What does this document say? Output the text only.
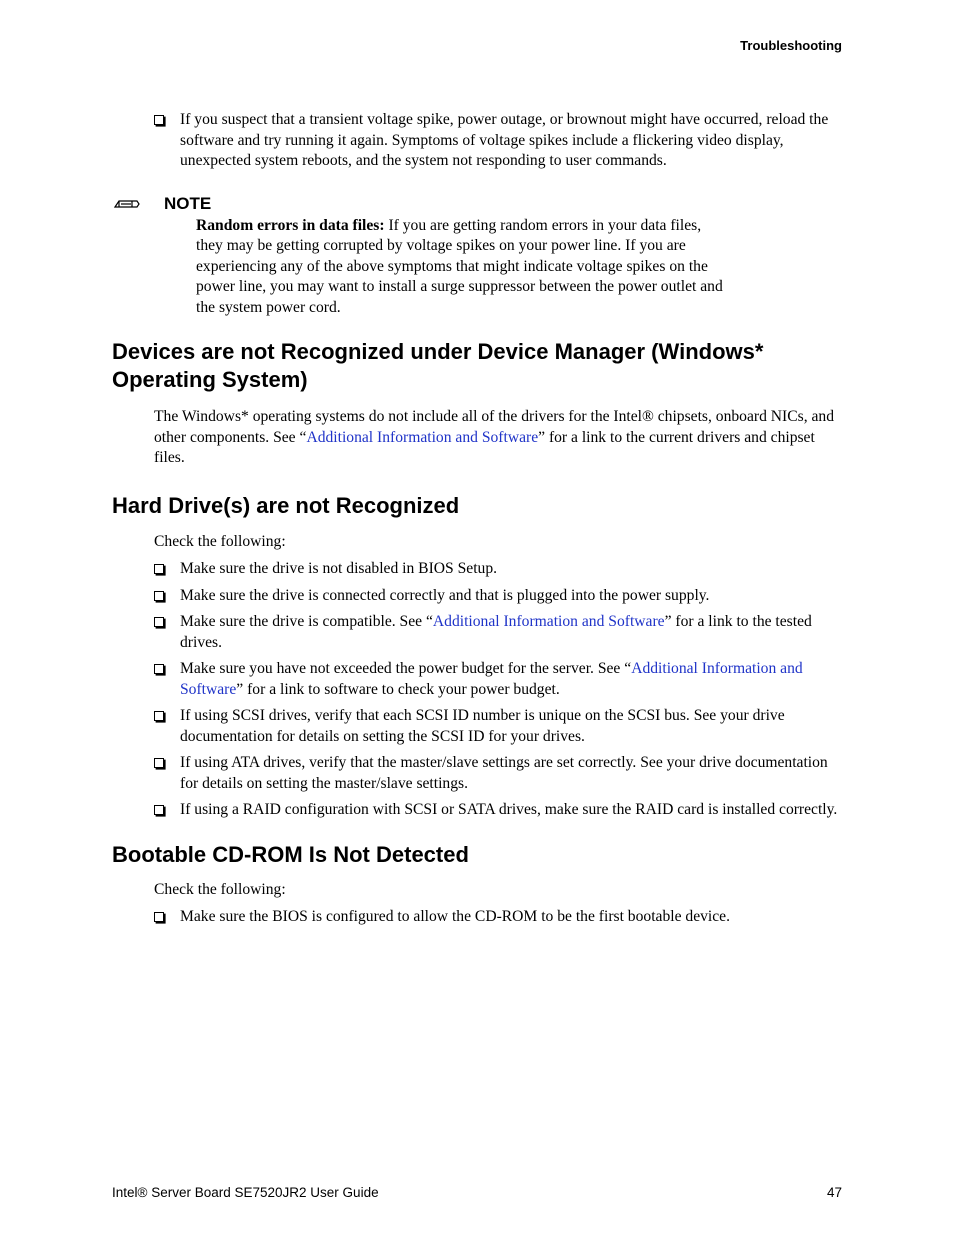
Troubleshooting
If you suspect that a transient voltage spike, power outage, or brownout might have occurred, reload the software and try running it again. Symptoms of voltage spikes include a flickering video display, unexpected system reboots, and the system not responding to user commands.
NOTE
Random errors in data files: If you are getting random errors in your data files, they may be getting corrupted by voltage spikes on your power line. If you are experiencing any of the above symptoms that might indicate voltage spikes on the power line, you may want to install a surge suppressor between the power outlet and the system power cord.
Devices are not Recognized under Device Manager (Windows* Operating System)
The Windows* operating systems do not include all of the drivers for the Intel® chipsets, onboard NICs, and other components. See “Additional Information and Software” for a link to the current drivers and chipset files.
Hard Drive(s) are not Recognized
Check the following:
Make sure the drive is not disabled in BIOS Setup.
Make sure the drive is connected correctly and that is plugged into the power supply.
Make sure the drive is compatible. See “Additional Information and Software” for a link to the tested drives.
Make sure you have not exceeded the power budget for the server. See “Additional Information and Software” for a link to software to check your power budget.
If using SCSI drives, verify that each SCSI ID number is unique on the SCSI bus. See your drive documentation for details on setting the SCSI ID for your drives.
If using ATA drives, verify that the master/slave settings are set correctly. See your drive documentation for details on setting the master/slave settings.
If using a RAID configuration with SCSI or SATA drives, make sure the RAID card is installed correctly.
Bootable CD-ROM Is Not Detected
Check the following:
Make sure the BIOS is configured to allow the CD-ROM to be the first bootable device.
Intel® Server Board SE7520JR2 User Guide	47
